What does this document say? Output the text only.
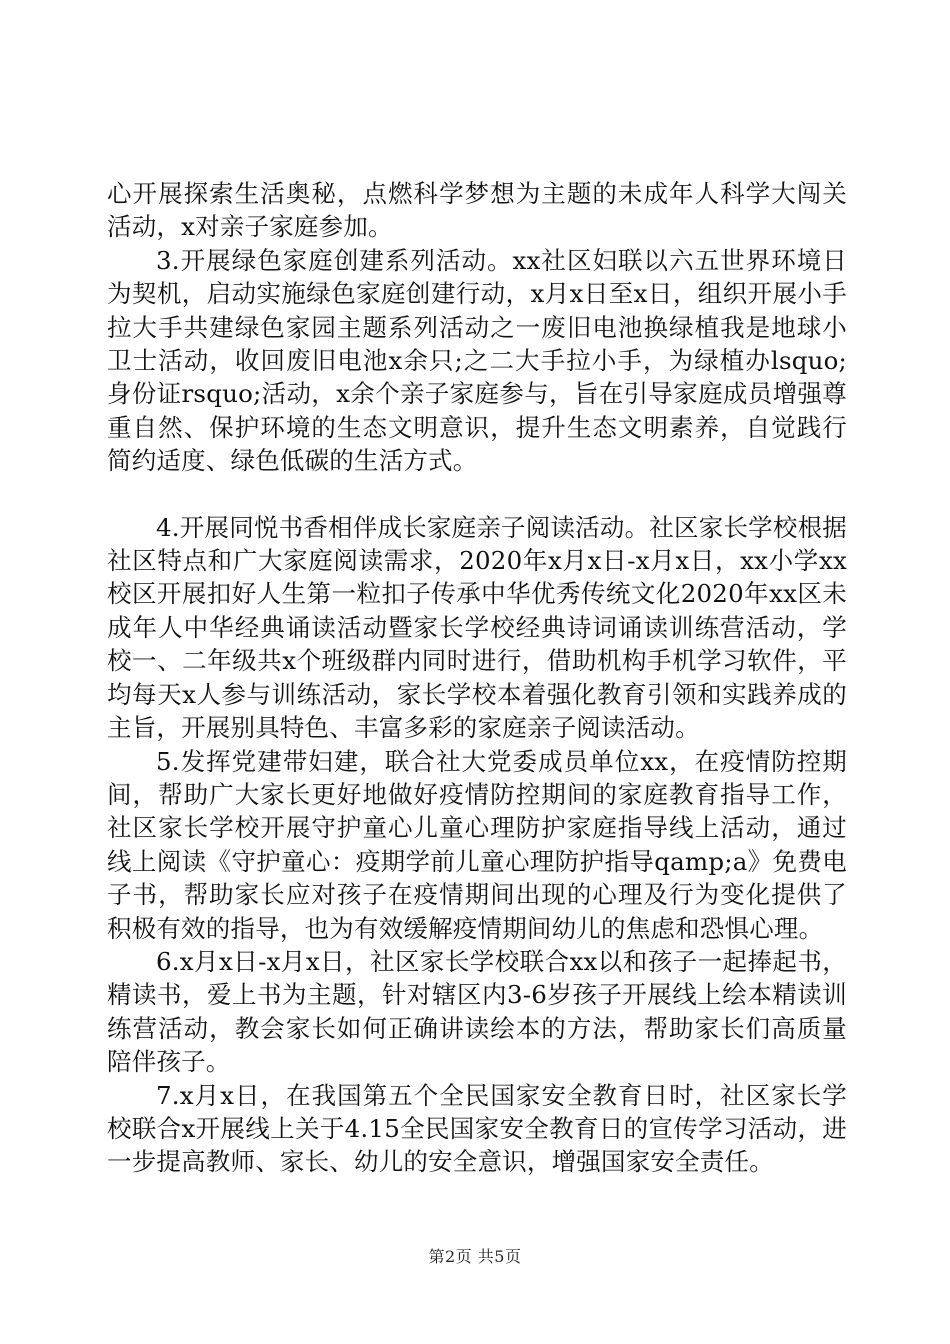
心开展探索生活奥秘，点燃科学梦想为主题的未成年人科学大闯关活动，x对亲子家庭参加。

3.开展绿色家庭创建系列活动。xx社区妇联以六五世界环境日为契机，启动实施绿色家庭创建行动，x月x日至x日，组织开展小手拉大手共建绿色家园主题系列活动之一废旧电池换绿植我是地球小卫士活动，收回废旧电池x余只;之二大手拉小手，为绿植办lsquo;身份证rsquo;活动，x余个亲子家庭参与，旨在引导家庭成员增强尊重自然、保护环境的生态文明意识，提升生态文明素养，自觉践行简约适度、绿色低碳的生活方式。

4.开展同悦书香相伴成长家庭亲子阅读活动。社区家长学校根据社区特点和广大家庭阅读需求，2020年x月x日-x月x日，xx小学xx校区开展扣好人生第一粒扣子传承中华优秀传统文化2020年xx区未成年人中华经典诵读活动暨家长学校经典诗词诵读训练营活动，学校一、二年级共x个班级群内同时进行，借助机构手机学习软件，平均每天x人参与训练活动，家长学校本着强化教育引领和实践养成的主旨，开展别具特色、丰富多彩的家庭亲子阅读活动。

5.发挥党建带妇建，联合社大党委成员单位xx，在疫情防控期间，帮助广大家长更好地做好疫情防控期间的家庭教育指导工作，社区家长学校开展守护童心儿童心理防护家庭指导线上活动，通过线上阅读《守护童心：疫期学前儿童心理防护指导qamp;a》免费电子书，帮助家长应对孩子在疫情期间出现的心理及行为变化提供了积极有效的指导，也为有效缓解疫情期间幼儿的焦虑和恐惧心理。

6.x月x日-x月x日，社区家长学校联合xx以和孩子一起捧起书，精读书，爱上书为主题，针对辖区内3-6岁孩子开展线上绘本精读训练营活动，教会家长如何正确讲读绘本的方法，帮助家长们高质量陪伴孩子。

7.x月x日，在我国第五个全民国家安全教育日时，社区家长学校联合x开展线上关于4.15全民国家安全教育日的宣传学习活动，进一步提高教师、家长、幼儿的安全意识，增强国家安全责任。

第2页 共5页
